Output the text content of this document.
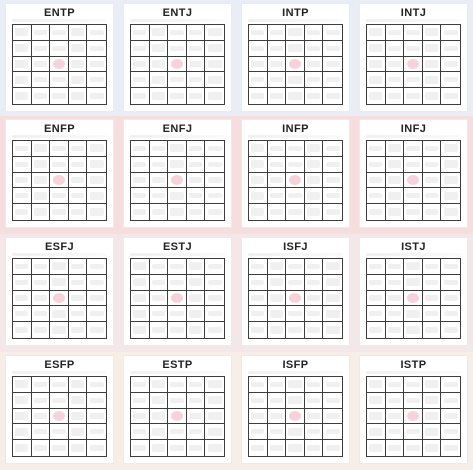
ENTP	ENTJ	INTP	INTJ
ENFP	ENFJ	INFP	INFJ
ESFJ	ESTJ	ISFJ	ISTJ
ESFP	ESTP	ISFP	ISTP
